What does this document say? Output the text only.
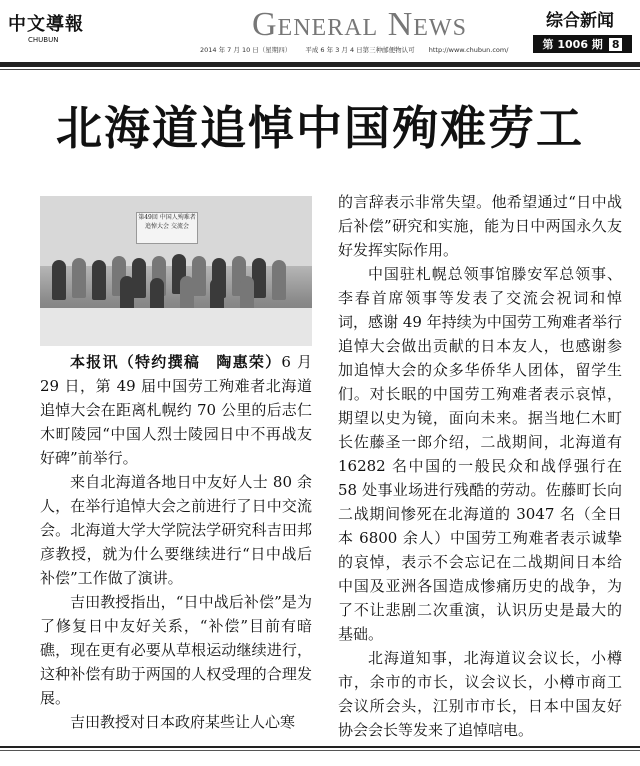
中文導報
CHUBUN	General News	综合新闻
第 1006 期 8
2014 年 7 月 10 日（星期四） 平成 6 年 3 月 4 日第三种邮便物认可 http://www.chubun.com/
北海道追悼中国殉难劳工
第49回 中国人殉难者追悼大会 交流会

本报讯（特约撰稿　陶惠荣）6 月 29 日，第 49 届中国劳工殉难者北海道追悼大会在距离札幌约 70 公里的后志仁木町陵园“中国人烈士陵园日中不再战友好碑”前举行。

来自北海道各地日中友好人士 80 余人，在举行追悼大会之前进行了日中交流会。北海道大学大学院法学研究科吉田邦彦教授，就为什么要继续进行“日中战后补偿”工作做了演讲。

吉田教授指出，“日中战后补偿”是为了修复日中友好关系，“补偿”目前有暗礁，现在更有必要从草根运动继续进行，这种补偿有助于两国的人权受理的合理发展。

吉田教授对日本政府某些让人心寒

的言辞表示非常失望。他希望通过“日中战后补偿”研究和实施，能为日中两国永久友好发挥实际作用。

中国驻札幌总领事馆滕安军总领事、李春首席领事等发表了交流会祝词和悼词，感谢 49 年持续为中国劳工殉难者举行追悼大会做出贡献的日本友人，也感谢参加追悼大会的众多华侨华人团体，留学生们。对长眠的中国劳工殉难者表示哀悼，期望以史为镜，面向未来。据当地仁木町长佐藤圣一郎介绍，二战期间，北海道有 16282 名中国的一般民众和战俘强行在 58 处事业场进行残酷的劳动。佐藤町长向二战期间惨死在北海道的 3047 名（全日本 6800 余人）中国劳工殉难者表示诚挚的哀悼，表示不会忘记在二战期间日本给中国及亚洲各国造成惨痛历史的战争，为了不让悲剧二次重演，认识历史是最大的基础。

北海道知事，北海道议会议长，小樽市，余市的市长，议会议长，小樽市商工会议所会头，江别市市长，日本中国友好协会会长等发来了追悼唁电。
